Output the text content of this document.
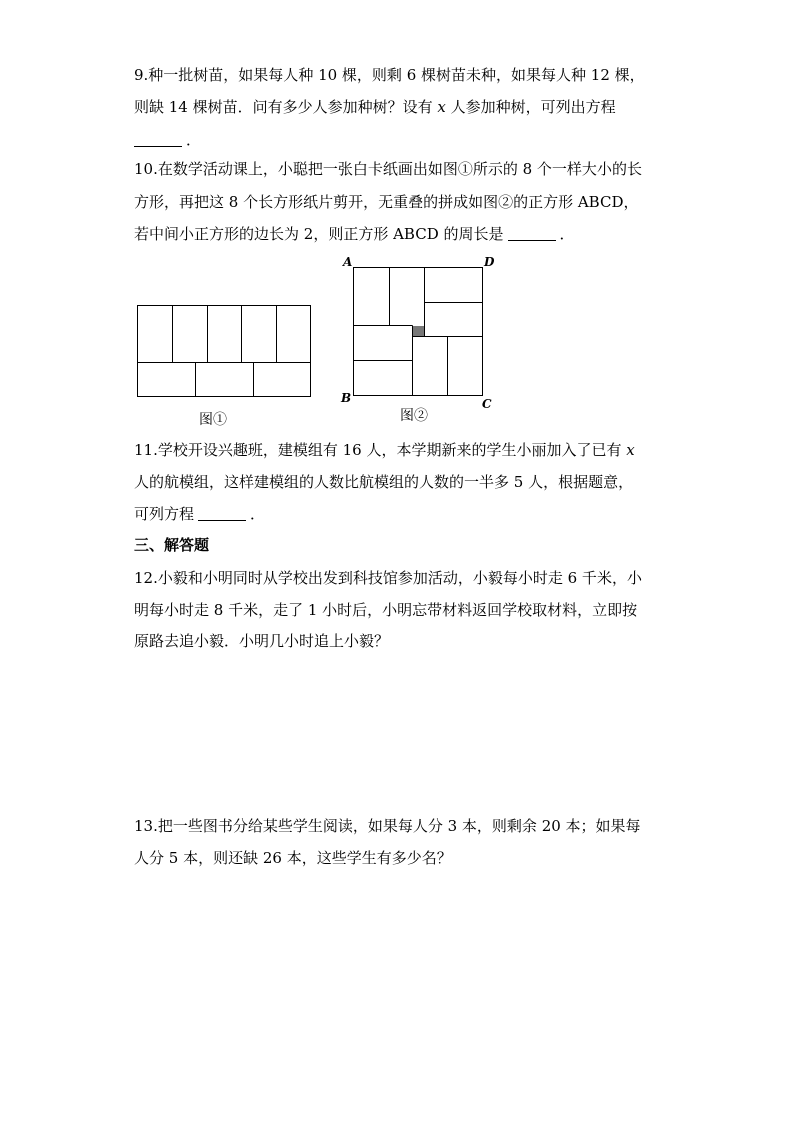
9.种一批树苗，如果每人种 10 棵，则剩 6 棵树苗未种，如果每人种 12 棵，
则缺 14 棵树苗．问有多少人参加种树？设有 x 人参加种树，可列出方程
．
10.在数学活动课上，小聪把一张白卡纸画出如图①所示的 8 个一样大小的长
方形，再把这 8 个长方形纸片剪开，无重叠的拼成如图②的正方形 ABCD，
若中间小正方形的边长为 2，则正方形 ABCD 的周长是	．
图①
A	D
B	C
图②
11.学校开设兴趣班，建模组有 16 人，本学期新来的学生小丽加入了已有 x
人的航模组，这样建模组的人数比航模组的人数的一半多 5 人，根据题意，
可列方程	．
三、解答题
12.小毅和小明同时从学校出发到科技馆参加活动，小毅每小时走 6 千米，小
明每小时走 8 千米，走了 1 小时后，小明忘带材料返回学校取材料，立即按
原路去追小毅．小明几小时追上小毅？
13.把一些图书分给某些学生阅读，如果每人分 3 本，则剩余 20 本；如果每
人分 5 本，则还缺 26 本，这些学生有多少名？
